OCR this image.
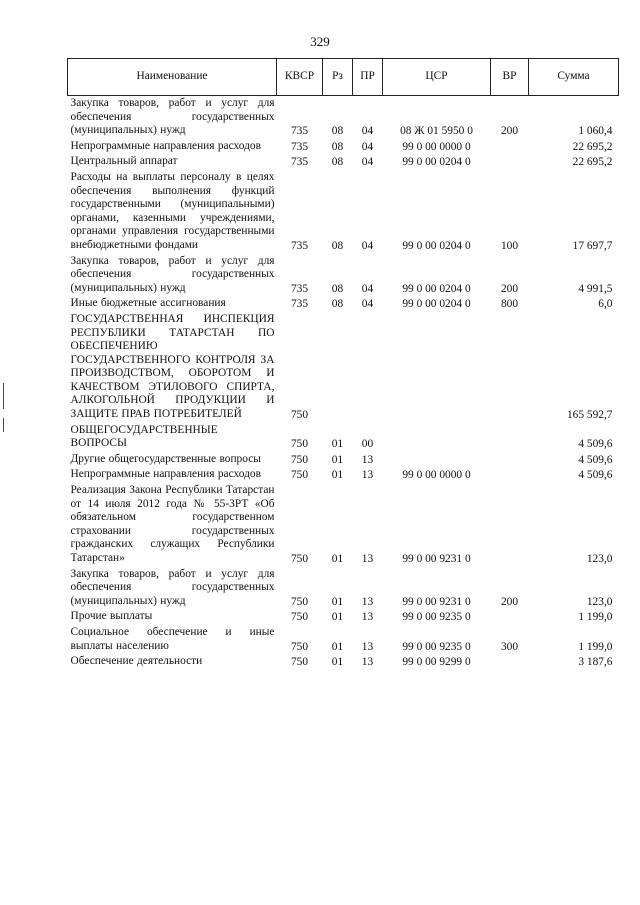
329
Наименование	КВСР	Рз	ПР	ЦСР	ВР	Сумма
Закупка товаров, работ и услуг для обеспечения государственных (муниципальных) нужд	735	08	04	08 Ж 01 5950 0	200	1 060,4
Непрограммные направления расходов	735	08	04	99 0 00 0000 0		22 695,2
Центральный аппарат	735	08	04	99 0 00 0204 0		22 695,2
Расходы на выплаты персоналу в целях обеспечения выполнения функций государственными (муниципальными) органами, казенными учреждениями, органами управления государственными внебюджетными фондами	735	08	04	99 0 00 0204 0	100	17 697,7
Закупка товаров, работ и услуг для обеспечения государственных (муниципальных) нужд	735	08	04	99 0 00 0204 0	200	4 991,5
Иные бюджетные ассигнования	735	08	04	99 0 00 0204 0	800	6,0
ГОСУДАРСТВЕННАЯ ИНСПЕКЦИЯ РЕСПУБЛИКИ ТАТАРСТАН ПО ОБЕСПЕЧЕНИЮ ГОСУДАРСТВЕННОГО КОНТРОЛЯ ЗА ПРОИЗВОДСТВОМ, ОБОРОТОМ И КАЧЕСТВОМ ЭТИЛОВОГО СПИРТА, АЛКОГОЛЬНОЙ ПРОДУКЦИИ И ЗАЩИТЕ ПРАВ ПОТРЕБИТЕЛЕЙ	750					165 592,7
ОБЩЕГОСУДАРСТВЕННЫЕ ВОПРОСЫ	750	01	00			4 509,6
Другие общегосударственные вопросы	750	01	13			4 509,6
Непрограммные направления расходов	750	01	13	99 0 00 0000 0		4 509,6
Реализация Закона Республики Татарстан от 14 июля 2012 года № 55-ЗРТ «Об обязательном государственном страховании государственных гражданских служащих Республики Татарстан»	750	01	13	99 0 00 9231 0		123,0
Закупка товаров, работ и услуг для обеспечения государственных (муниципальных) нужд	750	01	13	99 0 00 9231 0	200	123,0
Прочие выплаты	750	01	13	99 0 00 9235 0		1 199,0
Социальное обеспечение и иные выплаты населению	750	01	13	99 0 00 9235 0	300	1 199,0
Обеспечение деятельности	750	01	13	99 0 00 9299 0		3 187,6
